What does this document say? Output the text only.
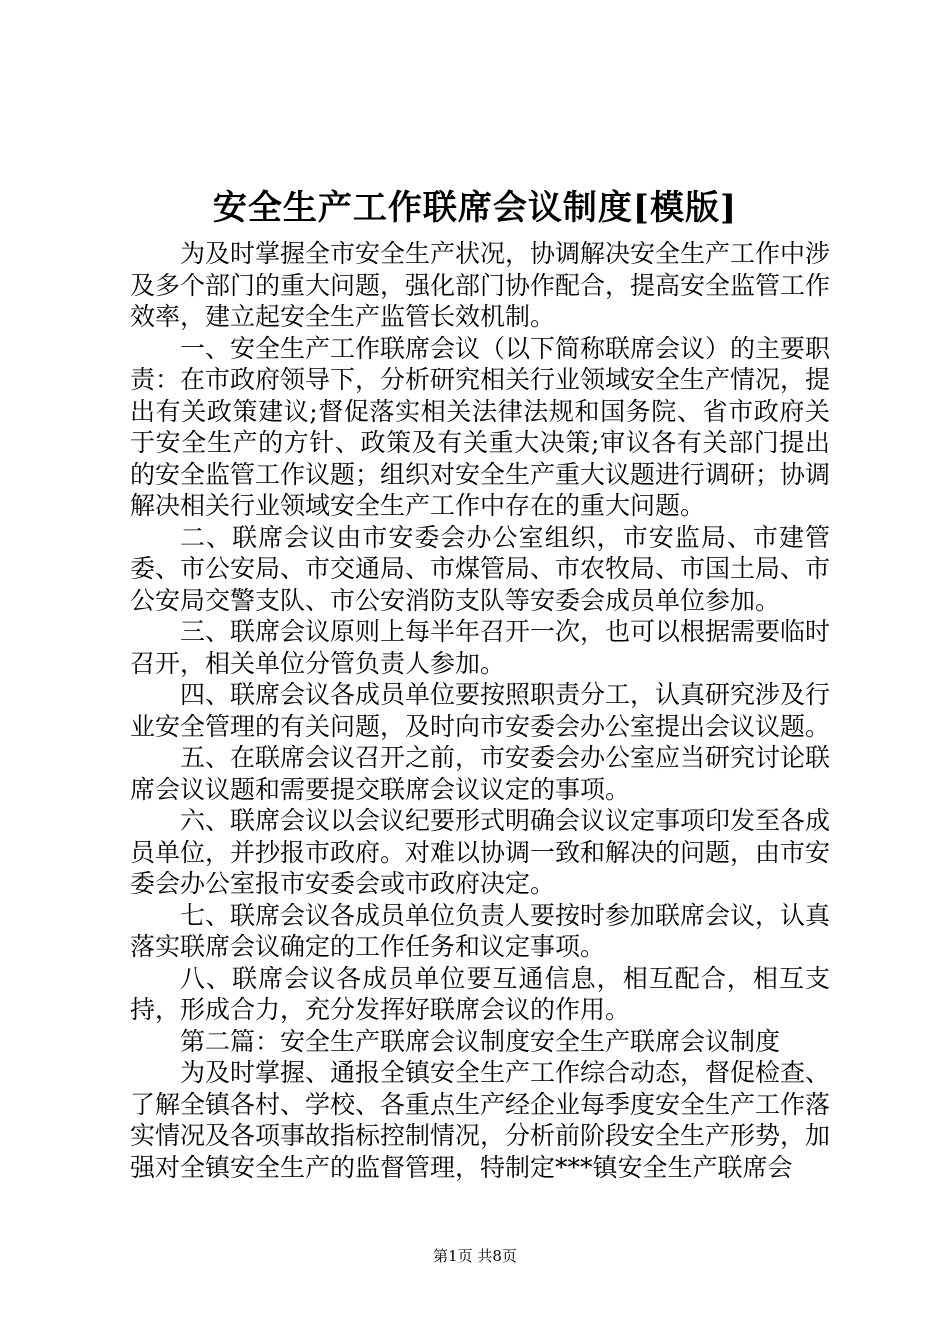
安全生产工作联席会议制度[模版]

为及时掌握全市安全生产状况，协调解决安全生产工作中涉及多个部门的重大问题，强化部门协作配合，提高安全监管工作效率，建立起安全生产监管长效机制。

一、安全生产工作联席会议（以下简称联席会议）的主要职责：在市政府领导下，分析研究相关行业领域安全生产情况，提出有关政策建议;督促落实相关法律法规和国务院、省市政府关于安全生产的方针、政策及有关重大决策;审议各有关部门提出的安全监管工作议题；组织对安全生产重大议题进行调研；协调解决相关行业领域安全生产工作中存在的重大问题。

二、联席会议由市安委会办公室组织，市安监局、市建管委、市公安局、市交通局、市煤管局、市农牧局、市国土局、市公安局交警支队、市公安消防支队等安委会成员单位参加。

三、联席会议原则上每半年召开一次，也可以根据需要临时召开，相关单位分管负责人参加。

四、联席会议各成员单位要按照职责分工，认真研究涉及行业安全管理的有关问题，及时向市安委会办公室提出会议议题。

五、在联席会议召开之前，市安委会办公室应当研究讨论联席会议议题和需要提交联席会议议定的事项。

六、联席会议以会议纪要形式明确会议议定事项印发至各成员单位，并抄报市政府。对难以协调一致和解决的问题，由市安委会办公室报市安委会或市政府决定。

七、联席会议各成员单位负责人要按时参加联席会议，认真落实联席会议确定的工作任务和议定事项。

八、联席会议各成员单位要互通信息，相互配合，相互支持，形成合力，充分发挥好联席会议的作用。

第二篇：安全生产联席会议制度安全生产联席会议制度

为及时掌握、通报全镇安全生产工作综合动态，督促检查、了解全镇各村、学校、各重点生产经企业每季度安全生产工作落实情况及各项事故指标控制情况，分析前阶段安全生产形势，加强对全镇安全生产的监督管理，特制定***镇安全生产联席会

第1页 共8页
